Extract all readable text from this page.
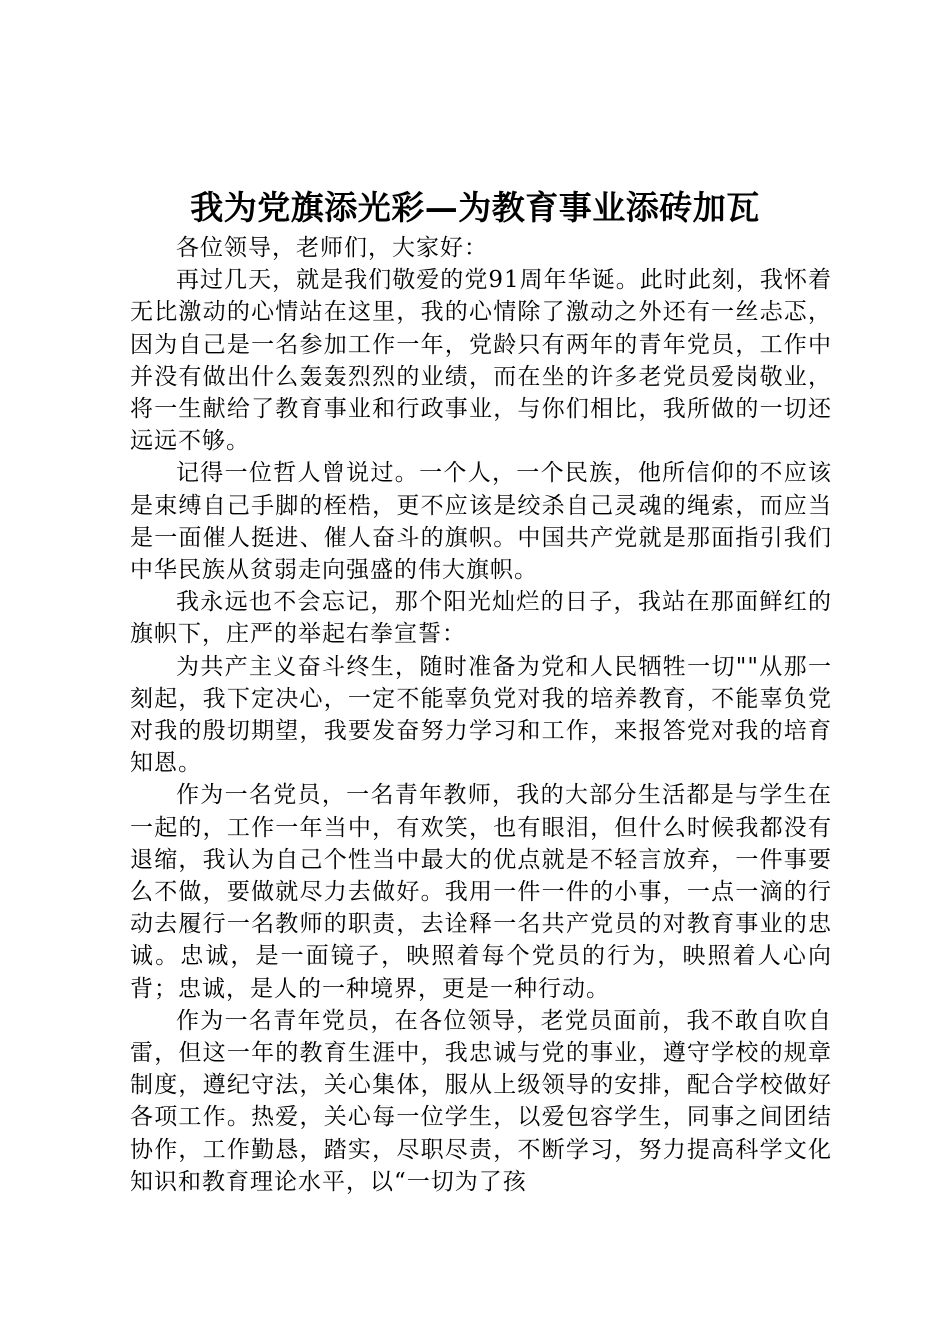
我为党旗添光彩—为教育事业添砖加瓦

各位领导，老师们，大家好：

再过几天，就是我们敬爱的党91周年华诞。此时此刻，我怀着无比激动的心情站在这里，我的心情除了激动之外还有一丝忐忑，因为自己是一名参加工作一年，党龄只有两年的青年党员，工作中并没有做出什么轰轰烈烈的业绩，而在坐的许多老党员爱岗敬业，将一生献给了教育事业和行政事业，与你们相比，我所做的一切还远远不够。

记得一位哲人曾说过。一个人，一个民族，他所信仰的不应该是束缚自己手脚的桎梏，更不应该是绞杀自己灵魂的绳索，而应当是一面催人挺进、催人奋斗的旗帜。中国共产党就是那面指引我们中华民族从贫弱走向强盛的伟大旗帜。

我永远也不会忘记，那个阳光灿烂的日子，我站在那面鲜红的旗帜下，庄严的举起右拳宣誓：

为共产主义奋斗终生，随时准备为党和人民牺牲一切""从那一刻起，我下定决心，一定不能辜负党对我的培养教育，不能辜负党对我的殷切期望，我要发奋努力学习和工作，来报答党对我的培育知恩。

作为一名党员，一名青年教师，我的大部分生活都是与学生在一起的，工作一年当中，有欢笑，也有眼泪，但什么时候我都没有退缩，我认为自己个性当中最大的优点就是不轻言放弃，一件事要么不做，要做就尽力去做好。我用一件一件的小事，一点一滴的行动去履行一名教师的职责，去诠释一名共产党员的对教育事业的忠诚。忠诚，是一面镜子，映照着每个党员的行为，映照着人心向背；忠诚，是人的一种境界，更是一种行动。

作为一名青年党员，在各位领导，老党员面前，我不敢自吹自雷，但这一年的教育生涯中，我忠诚与党的事业，遵守学校的规章制度，遵纪守法，关心集体，服从上级领导的安排，配合学校做好各项工作。热爱，关心每一位学生，以爱包容学生，同事之间团结协作，工作勤恳，踏实，尽职尽责，不断学习，努力提高科学文化知识和教育理论水平，以“一切为了孩
